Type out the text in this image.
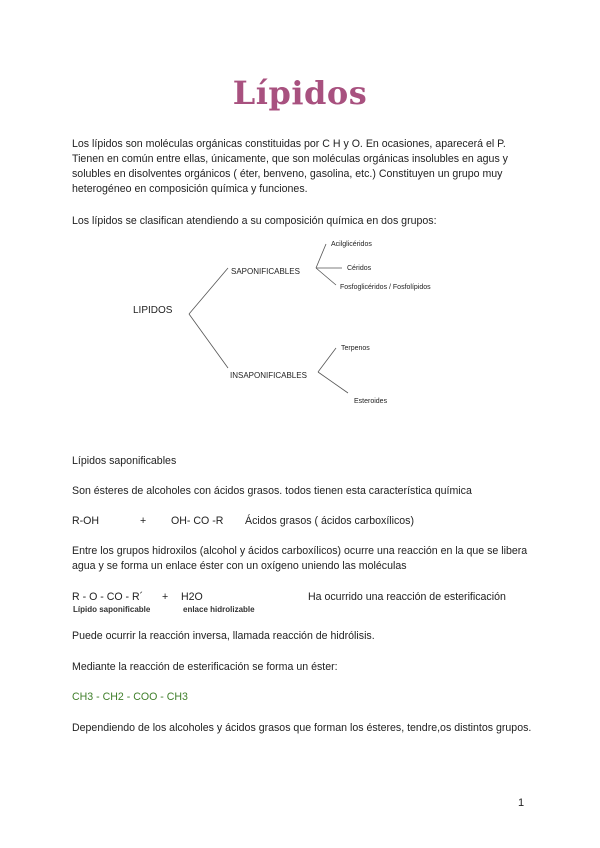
Lípidos
Los lípidos son moléculas orgánicas constituidas por C H y O. En ocasiones, aparecerá el P. Tienen en común entre ellas, únicamente, que son moléculas orgánicas insolubles en agus y solubles en disolventes orgánicos ( éter, benveno, gasolina, etc.) Constituyen un grupo muy heterogéneo en composición química y funciones.
Los lípidos se clasifican atendiendo a su composición química en dos grupos:
LIPIDOS
SAPONIFICABLES
Acilglicéridos
Céridos
Fosfoglicéridos / Fosfolípidos
INSAPONIFICABLES
Terpenos
Esteroides
Lípidos saponificables
Son ésteres de alcoholes con ácidos grasos. todos tienen esta característica química
R-OH	+ OH- CO -R Ácidos grasos ( ácidos carboxílicos)
Entre los grupos hidroxilos (alcohol y ácidos carboxílicos) ocurre una reacción en la que se libera agua y se forma un enlace éster con un oxígeno uniendo las moléculas
R - O - CO - R´ + H2O	Ha ocurrido una reacción de esterificación
Lípido saponificable	enlace hidrolizable
Puede ocurrir la reacción inversa, llamada reacción de hidrólisis.
Mediante la reacción de esterificación se forma un éster:
CH3 - CH2 - COO - CH3
Dependiendo de los alcoholes y ácidos grasos que forman los ésteres, tendre,os distintos grupos.
1
